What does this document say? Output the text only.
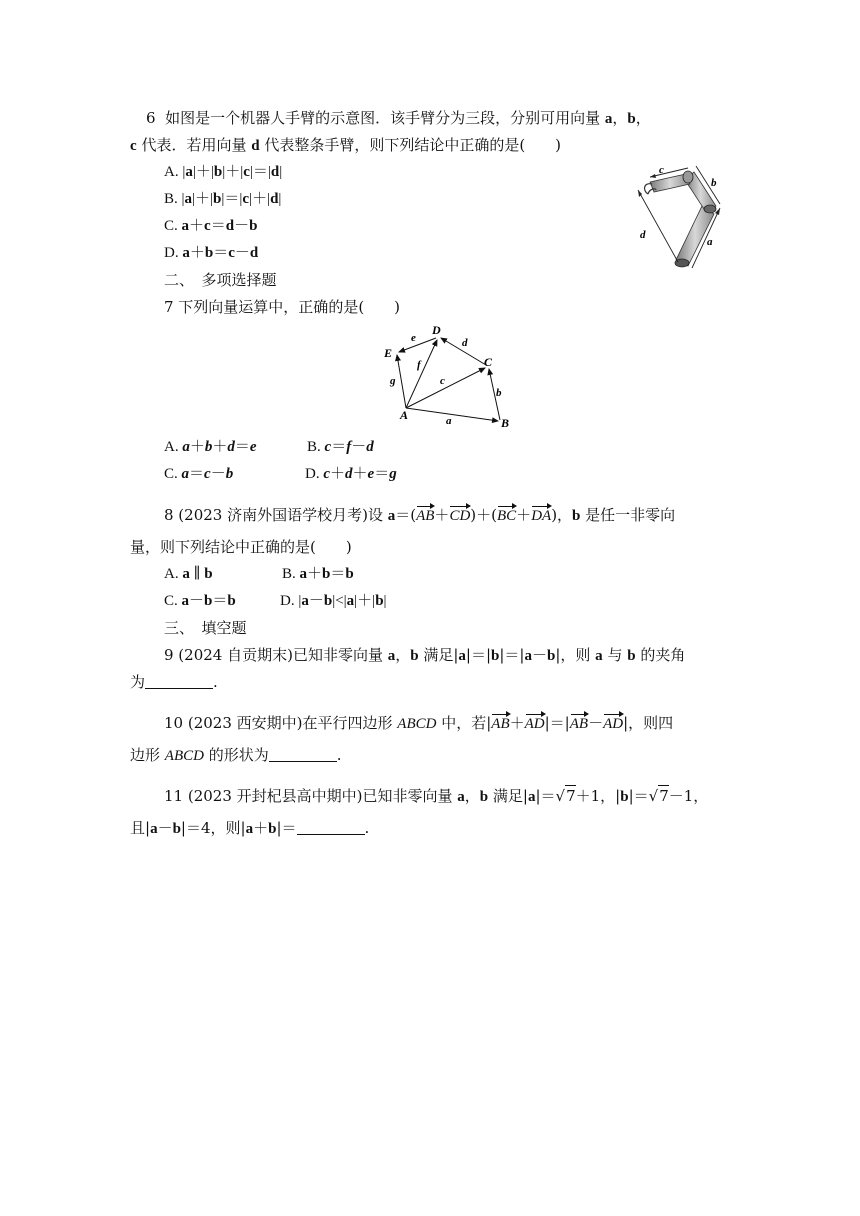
6  如图是一个机器人手臂的示意图．该手臂分为三段，分别可用向量 a，b，
c 代表．若用向量 d 代表整条手臂，则下列结论中正确的是(　　)
A. |a|＋|b|＋|c|＝|d|
B. |a|＋|b|＝|c|＋|d|
C. a＋c＝d－b
D. a＋b＝c－d
c
b
d
a
二、　多项选择题
7 下列向量运算中，正确的是(　　)
A
B
C
D
E
a
b
c
d
e
f
g
A. a＋b＋d＝e	B. c＝f－d
C. a＝c－b	D. c＋d＋e＝g
8 (2023 济南外国语学校月考)设 a＝(AB＋CD)＋(BC＋DA)，b 是任一非零向
量，则下列结论中正确的是(　　)
A. a ∥ b	B. a＋b＝b
C. a－b＝b	D. |a－b|<|a|＋|b|
三、　填空题
9 (2024 自贡期末)已知非零向量 a，b 满足|a|＝|b|＝|a－b|，则 a 与 b 的夹角
为	.
10 (2023 西安期中)在平行四边形 ABCD 中，若|AB＋AD|＝|AB－AD|，则四
边形 ABCD 的形状为	.
11 (2023 开封杞县高中期中)已知非零向量 a，b 满足|a|＝√7＋1，|b|＝√7－1，
且|a－b|＝4，则|a＋b|＝	.
